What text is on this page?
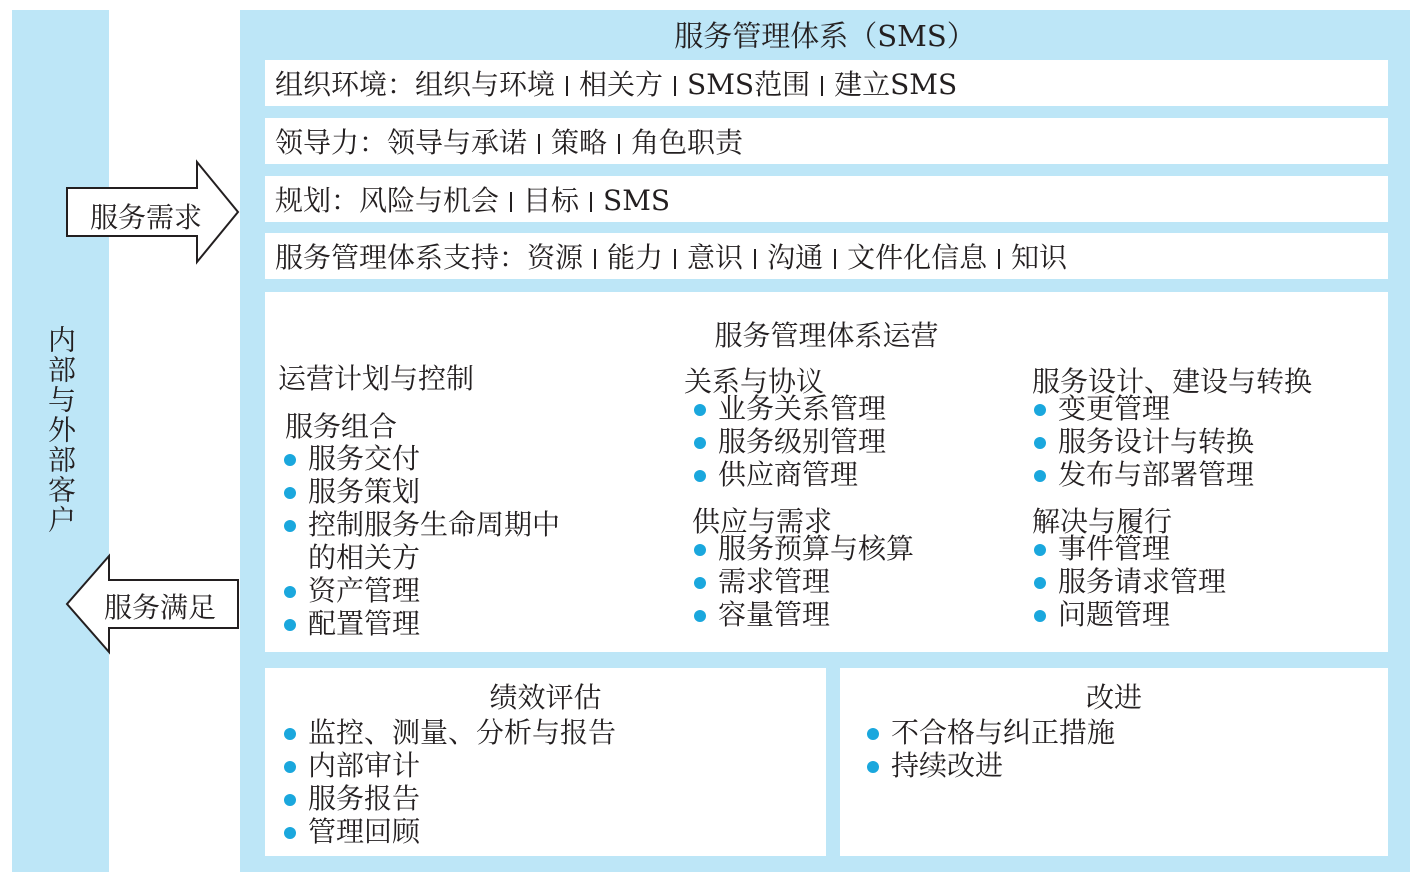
内部与外部客户
服务需求
服务满足
服务管理体系（SMS）
组织环境：组织与环境 相关方 SMS范围 建立SMS
领导力：领导与承诺 策略 角色职责
规划：风险与机会 目标 SMS
服务管理体系支持：资源 能力 意识 沟通 文件化信息 知识
服务管理体系运营
运营计划与控制
服务组合
服务交付
服务策划
控制服务生命周期中
的相关方
资产管理
配置管理
关系与协议
业务关系管理
服务级别管理
供应商管理
供应与需求
服务预算与核算
需求管理
容量管理
服务设计、建设与转换
变更管理
服务设计与转换
发布与部署管理
解决与履行
事件管理
服务请求管理
问题管理
绩效评估
监控、测量、分析与报告
内部审计
服务报告
管理回顾
改进
不合格与纠正措施
持续改进
